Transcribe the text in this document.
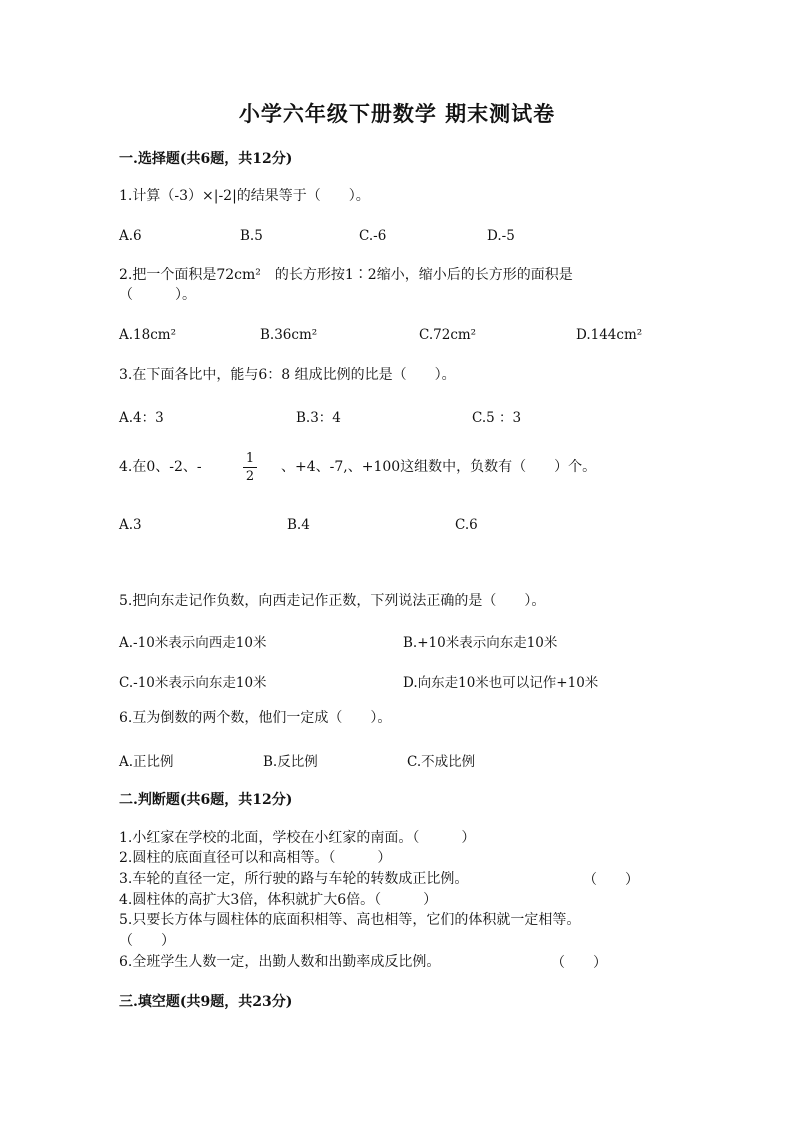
小学六年级下册数学 期末测试卷
一.选择题(共6题，共12分)
1.计算（-3）×|-2|的结果等于（　　）。
A.6	B.5	C.-6	D.-5
2.把一个面积是72cm²　的长方形按1∶2缩小，缩小后的长方形的面积是
（　　　）。
A.18cm²	B.36cm²	C.72cm²	D.144cm²
3.在下面各比中，能与6：8 组成比例的比是（　　）。
A.4：3	B.3：4	C.5 ：3
4.在0、-2、-
1
2
、+4、-7,、+100这组数中，负数有（　　）个。
A.3	B.4	C.6
5.把向东走记作负数，向西走记作正数，下列说法正确的是（　　）。
A.-10米表示向西走10米	B.+10米表示向东走10米
C.-10米表示向东走10米	D.向东走10米也可以记作+10米
6.互为倒数的两个数，他们一定成（　　）。
A.正比例	B.反比例	C.不成比例
二.判断题(共6题，共12分)
1.小红家在学校的北面，学校在小红家的南面。（　　　）
2.圆柱的底面直径可以和高相等。（　　　）
3.车轮的直径一定，所行驶的路与车轮的转数成正比例。	（　　）
4.圆柱体的高扩大3倍，体积就扩大6倍。（　　　）
5.只要长方体与圆柱体的底面积相等、高也相等，它们的体积就一定相等。
（　　）
6.全班学生人数一定，出勤人数和出勤率成反比例。	（　　）
三.填空题(共9题，共23分)
